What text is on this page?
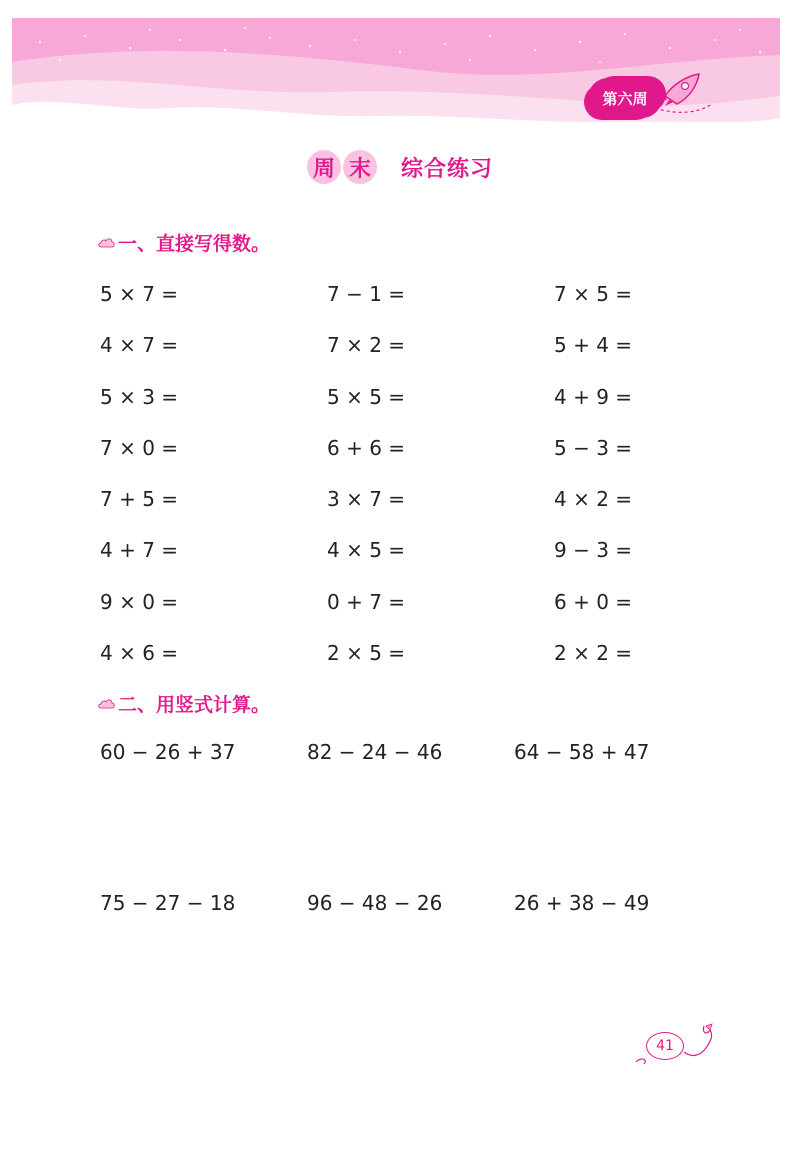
第六周
周 末 综合练习
一、直接写得数。
5 × 7 =	7 − 1 =	7 × 5 =
4 × 7 =	7 × 2 =	5 + 4 =
5 × 3 =	5 × 5 =	4 + 9 =
7 × 0 =	6 + 6 =	5 − 3 =
7 + 5 =	3 × 7 =	4 × 2 =
4 + 7 =	4 × 5 =	9 − 3 =
9 × 0 =	0 + 7 =	6 + 0 =
4 × 6 =	2 × 5 =	2 × 2 =
二、用竖式计算。
60 − 26 + 37	82 − 24 − 46	64 − 58 + 47
75 − 27 − 18	96 − 48 − 26	26 + 38 − 49
41
